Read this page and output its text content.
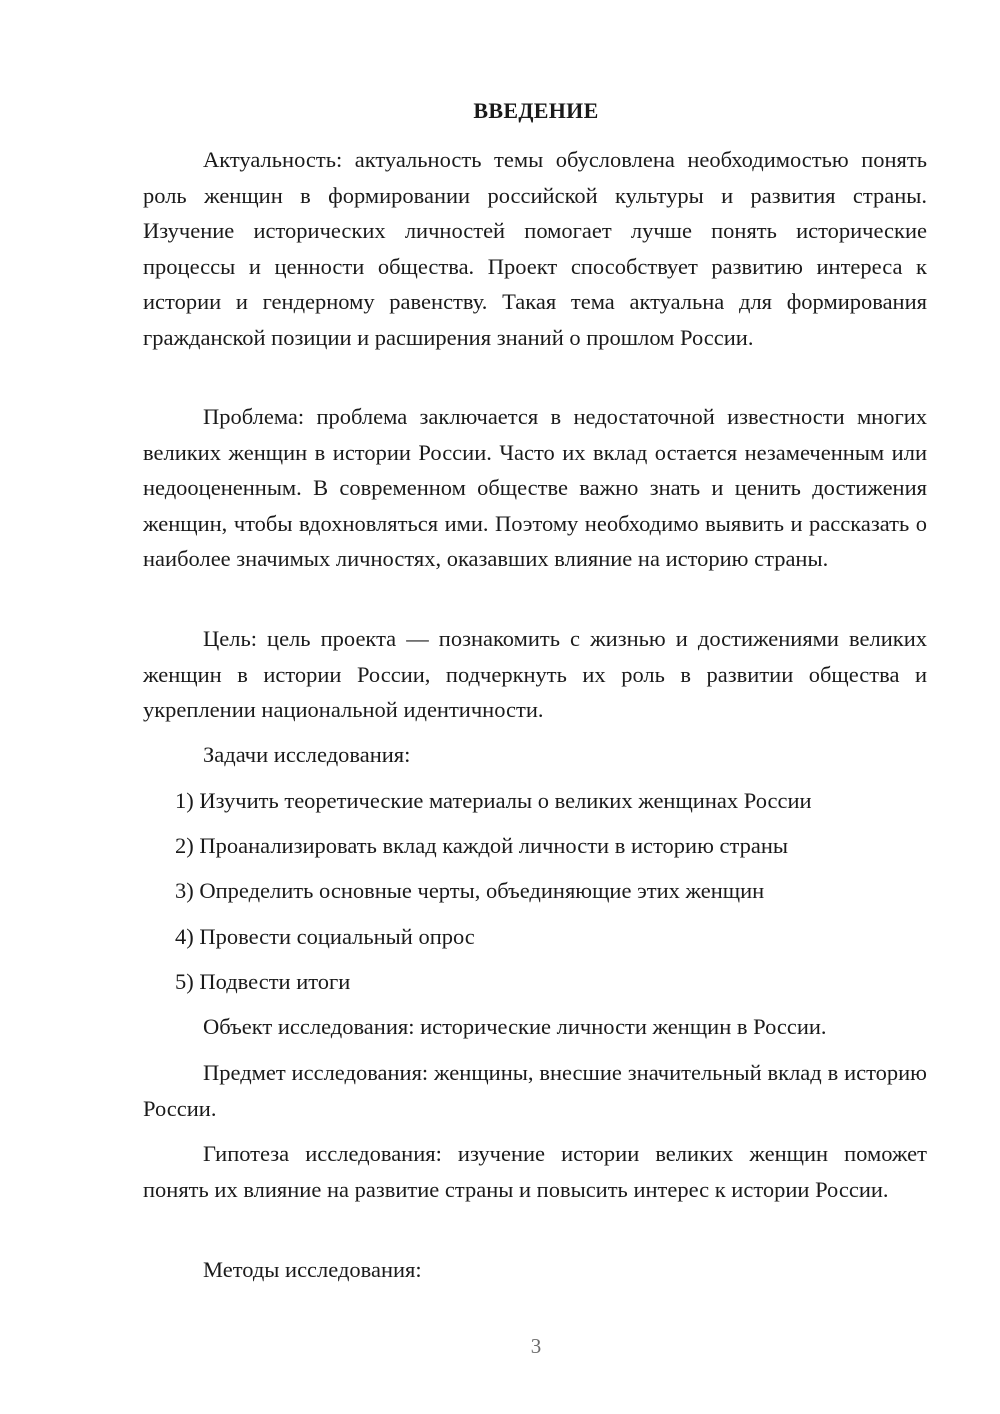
ВВЕДЕНИЕ

Актуальность: актуальность темы обусловлена необходимостью понять роль женщин в формировании российской культуры и развития страны. Изучение исторических личностей помогает лучше понять исторические процессы и ценности общества. Проект способствует развитию интереса к истории и гендерному равенству. Такая тема актуальна для формирования гражданской позиции и расширения знаний о прошлом России.

Проблема: проблема заключается в недостаточной известности многих великих женщин в истории России. Часто их вклад остается незамеченным или недооцененным. В современном обществе важно знать и ценить достижения женщин, чтобы вдохновляться ими. Поэтому необходимо выявить и рассказать о наиболее значимых личностях, оказавших влияние на историю страны.

Цель: цель проекта — познакомить с жизнью и достижениями великих женщин в истории России, подчеркнуть их роль в развитии общества и укреплении национальной идентичности.

Задачи исследования:

1) Изучить теоретические материалы о великих женщинах России

2) Проанализировать вклад каждой личности в историю страны

3) Определить основные черты, объединяющие этих женщин

4) Провести социальный опрос

5) Подвести итоги

Объект исследования: исторические личности женщин в России.

Предмет исследования: женщины, внесшие значительный вклад в историю России.

Гипотеза исследования: изучение истории великих женщин поможет понять их влияние на развитие страны и повысить интерес к истории России.

Методы исследования:

3
